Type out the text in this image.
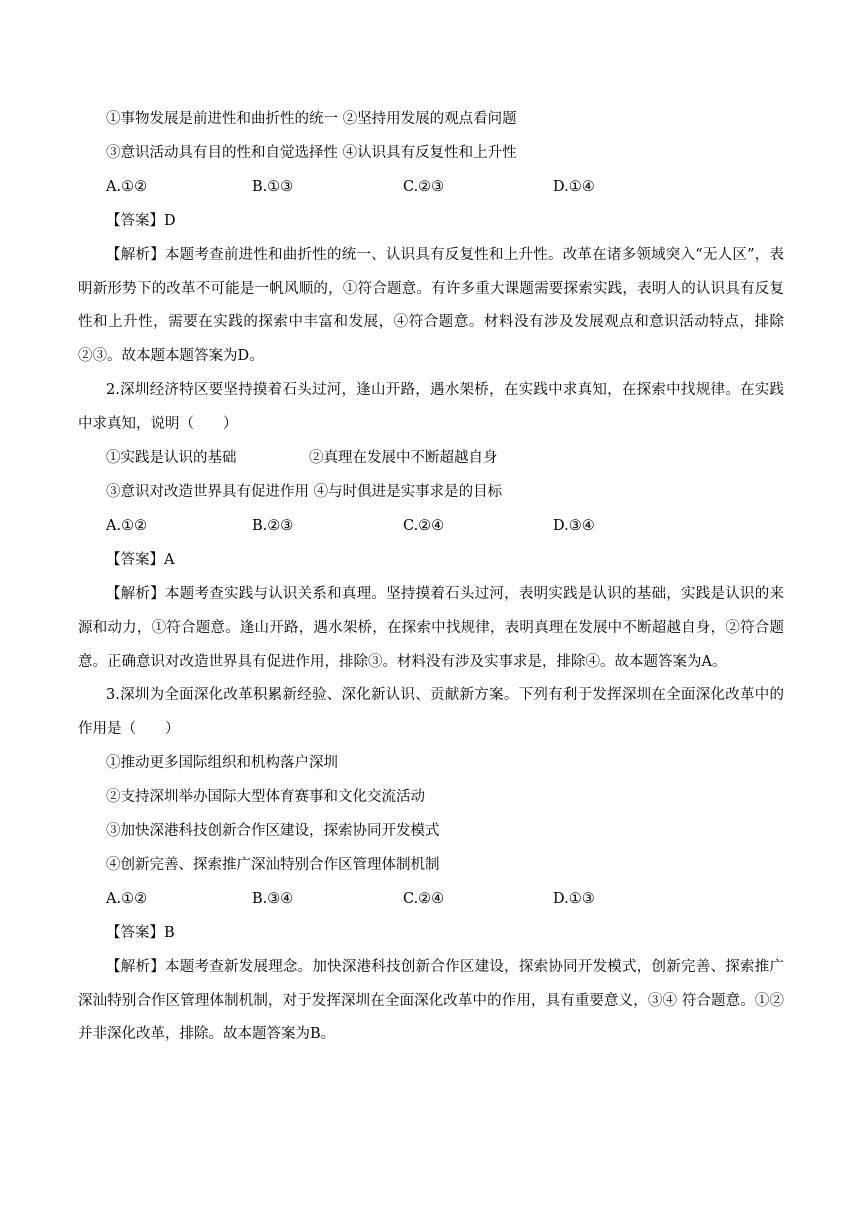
①事物发展是前进性和曲折性的统一 ②坚持用发展的观点看问题
③意识活动具有目的性和自觉选择性 ④认识具有反复性和上升性
A.①②	B.①③	C.②③	D.①④
【答案】D
【解析】本题考查前进性和曲折性的统一、认识具有反复性和上升性。改革在诸多领域突入“无人区”，表明新形势下的改革不可能是一帆风顺的，①符合题意。有许多重大课题需要探索实践，表明人的认识具有反复性和上升性，需要在实践的探索中丰富和发展，④符合题意。材料没有涉及发展观点和意识活动特点，排除②③。故本题本题答案为D。
2.深圳经济特区要坚持摸着石头过河，逢山开路，遇水架桥，在实践中求真知，在探索中找规律。在实践中求真知，说明（　　）
①实践是认识的基础　　　　　②真理在发展中不断超越自身
③意识对改造世界具有促进作用 ④与时俱进是实事求是的目标
A.①②	B.②③	C.②④	D.③④
【答案】A
【解析】本题考查实践与认识关系和真理。坚持摸着石头过河，表明实践是认识的基础，实践是认识的来源和动力，①符合题意。逢山开路，遇水架桥，在探索中找规律，表明真理在发展中不断超越自身，②符合题意。正确意识对改造世界具有促进作用，排除③。材料没有涉及实事求是，排除④。故本题答案为A。
3.深圳为全面深化改革积累新经验、深化新认识、贡献新方案。下列有利于发挥深圳在全面深化改革中的作用是（　　）
①推动更多国际组织和机构落户深圳
②支持深圳举办国际大型体育赛事和文化交流活动
③加快深港科技创新合作区建设，探索协同开发模式
④创新完善、探索推广深汕特别合作区管理体制机制
A.①②	B.③④	C.②④	D.①③
【答案】B
【解析】本题考查新发展理念。加快深港科技创新合作区建设，探索协同开发模式，创新完善、探索推广深汕特别合作区管理体制机制，对于发挥深圳在全面深化改革中的作用，具有重要意义，③④ 符合题意。①②并非深化改革，排除。故本题答案为B。
